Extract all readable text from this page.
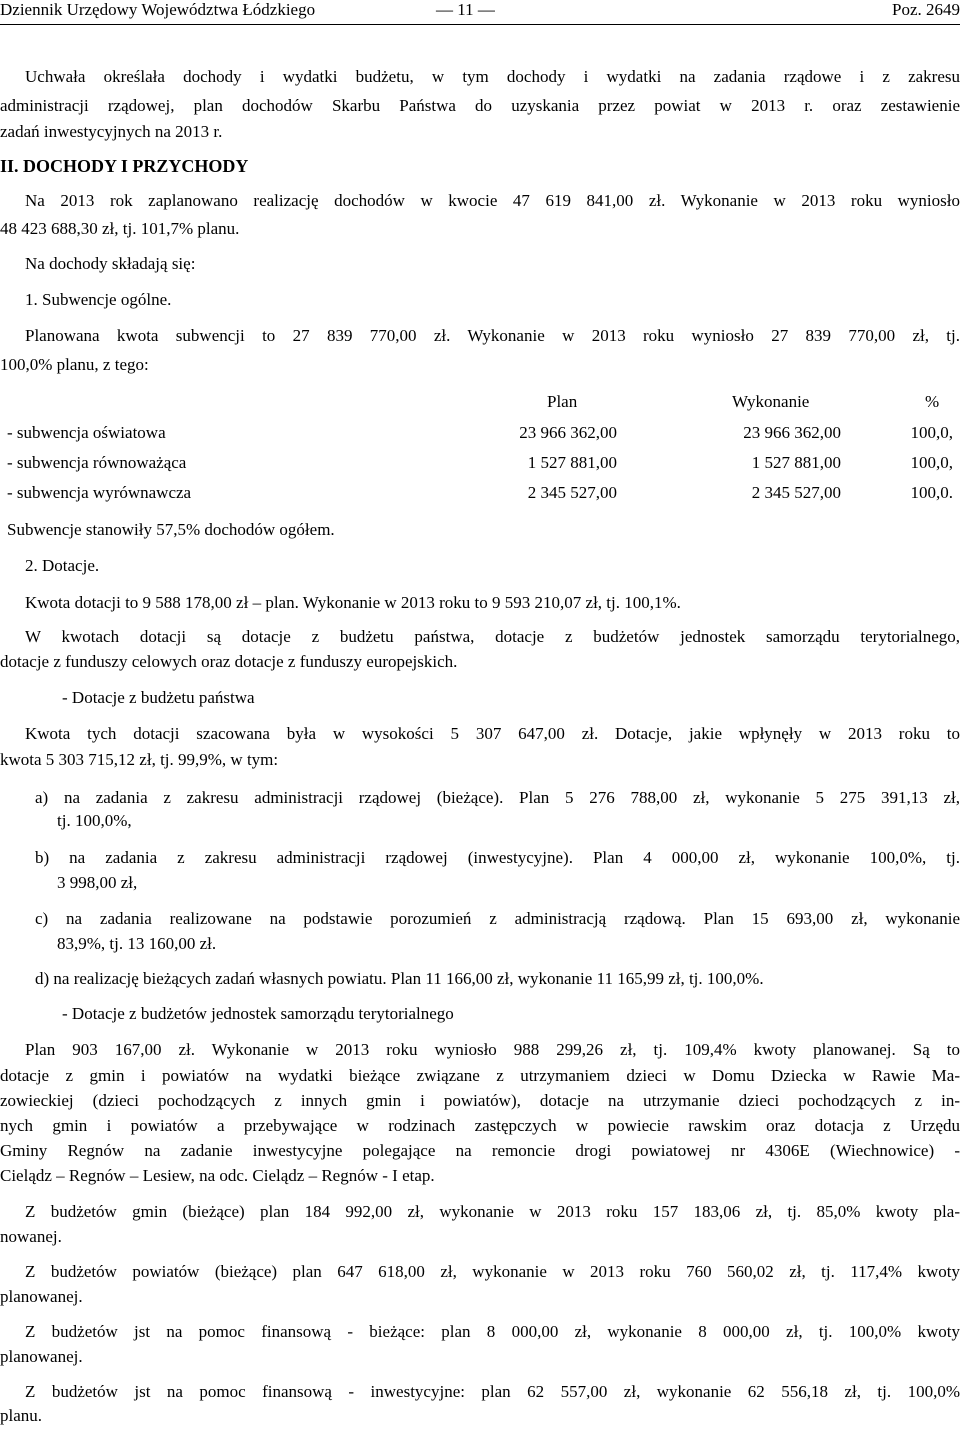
Dziennik Urzędowy Województwa Łódzkiego	— 11 —	Poz. 2649
Uchwała określała dochody i wydatki budżetu, w tym dochody i wydatki na zadania rządowe i z zakresu
administracji rządowej, plan dochodów Skarbu Państwa do uzyskania przez powiat w 2013 r. oraz zestawienie
zadań inwestycyjnych na 2013 r.
II. DOCHODY I PRZYCHODY
Na 2013 rok zaplanowano realizację dochodów w kwocie 47 619 841,00 zł. Wykonanie w 2013 roku wyniosło
48 423 688,30 zł, tj. 101,7% planu.
Na dochody składają się:
1. Subwencje ogólne.
Planowana kwota subwencji to 27 839 770,00 zł. Wykonanie w 2013 roku wyniosło 27 839 770,00 zł, tj.
100,0% planu, z tego:
Plan	Wykonanie	%
- subwencja oświatowa	23 966 362,00	23 966 362,00	100,0,
- subwencja równoważąca	1 527 881,00	1 527 881,00	100,0,
- subwencja wyrównawcza	2 345 527,00	2 345 527,00	100,0.
Subwencje stanowiły 57,5% dochodów ogółem.
2. Dotacje.
Kwota dotacji to 9 588 178,00 zł – plan. Wykonanie w 2013 roku to 9 593 210,07 zł, tj. 100,1%.
W kwotach dotacji są dotacje z budżetu państwa, dotacje z budżetów jednostek samorządu terytorialnego,
dotacje z funduszy celowych oraz dotacje z funduszy europejskich.
- Dotacje z budżetu państwa
Kwota tych dotacji szacowana była w wysokości 5 307 647,00 zł. Dotacje, jakie wpłynęły w 2013 roku to
kwota 5 303 715,12 zł, tj. 99,9%, w tym:
a) na zadania z zakresu administracji rządowej (bieżące). Plan 5 276 788,00 zł, wykonanie 5 275 391,13 zł,
tj. 100,0%,
b) na zadania z zakresu administracji rządowej (inwestycyjne). Plan 4 000,00 zł, wykonanie 100,0%, tj.
3 998,00 zł,
c) na zadania realizowane na podstawie porozumień z administracją rządową. Plan 15 693,00 zł, wykonanie
83,9%, tj. 13 160,00 zł.
d) na realizację bieżących zadań własnych powiatu. Plan 11 166,00 zł, wykonanie 11 165,99 zł, tj. 100,0%.
- Dotacje z budżetów jednostek samorządu terytorialnego
Plan 903 167,00 zł. Wykonanie w 2013 roku wyniosło 988 299,26 zł, tj. 109,4% kwoty planowanej. Są to
dotacje z gmin i powiatów na wydatki bieżące związane z utrzymaniem dzieci w Domu Dziecka w Rawie Ma-
zowieckiej (dzieci pochodzących z innych gmin i powiatów), dotacje na utrzymanie dzieci pochodzących z in-
nych gmin i powiatów a przebywające w rodzinach zastępczych w powiecie rawskim oraz dotacja z Urzędu
Gminy Regnów na zadanie inwestycyjne polegające na remoncie drogi powiatowej nr 4306E (Wiechnowice) -
Cielądz – Regnów – Lesiew, na odc. Cielądz – Regnów - I etap.
Z budżetów gmin (bieżące) plan 184 992,00 zł, wykonanie w 2013 roku 157 183,06 zł, tj. 85,0% kwoty pla-
nowanej.
Z budżetów powiatów (bieżące) plan 647 618,00 zł, wykonanie w 2013 roku 760 560,02 zł, tj. 117,4% kwoty
planowanej.
Z budżetów jst na pomoc finansową - bieżące: plan 8 000,00 zł, wykonanie 8 000,00 zł, tj. 100,0% kwoty
planowanej.
Z budżetów jst na pomoc finansową - inwestycyjne: plan 62 557,00 zł, wykonanie 62 556,18 zł, tj. 100,0%
planu.
